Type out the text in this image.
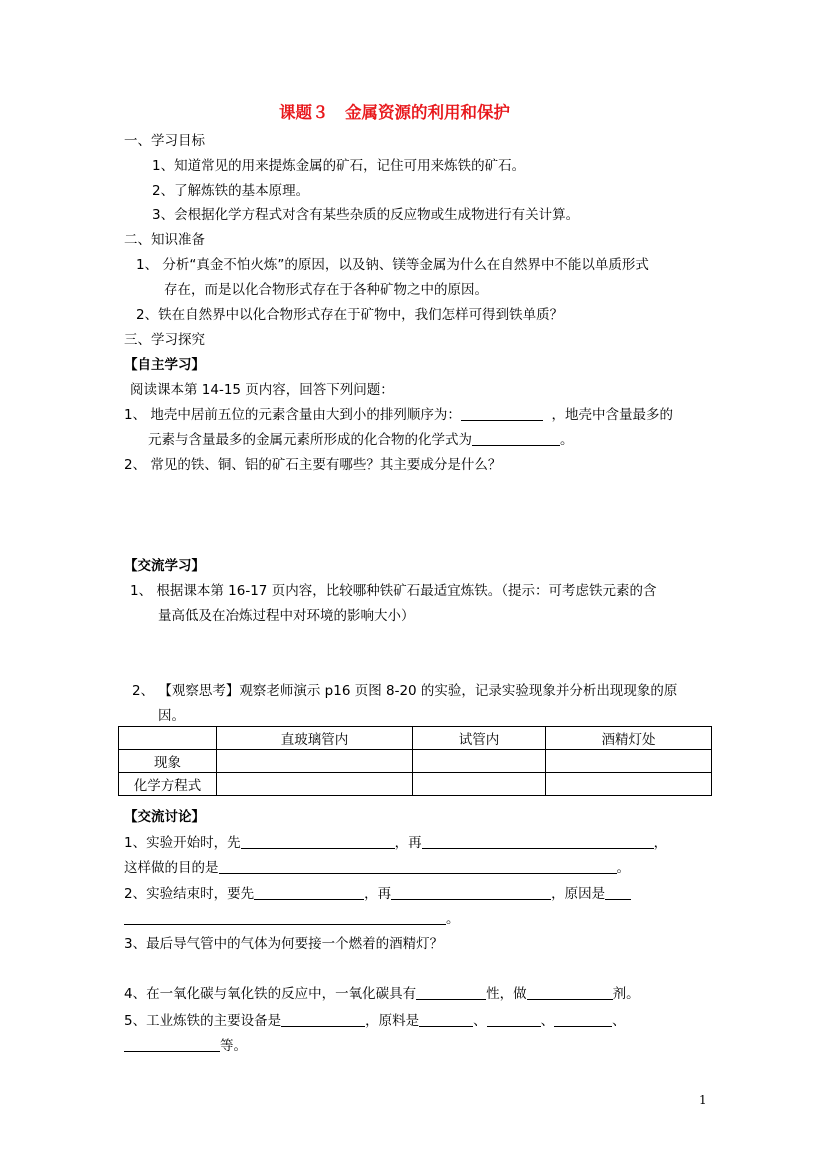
课题３　金属资源的利用和保护
一、学习目标
1、知道常见的用来提炼金属的矿石，记住可用来炼铁的矿石。
2、了解炼铁的基本原理。
3、会根据化学方程式对含有某些杂质的反应物或生成物进行有关计算。
二、知识准备
1、 分析“真金不怕火炼”的原因，以及钠、镁等金属为什么在自然界中不能以单质形式
存在，而是以化合物形式存在于各种矿物之中的原因。
2、铁在自然界中以化合物形式存在于矿物中，我们怎样可得到铁单质？
三、学习探究
【自主学习】
阅读课本第 14-15 页内容，回答下列问题：
1、 地壳中居前五位的元素含量由大到小的排列顺序为：	，地壳中含量最多的
元素与含量最多的金属元素所形成的化合物的化学式为	。
2、 常见的铁、铜、铝的矿石主要有哪些？其主要成分是什么？
【交流学习】
1、 根据课本第 16-17 页内容，比较哪种铁矿石最适宜炼铁。（提示：可考虑铁元素的含
量高低及在冶炼过程中对环境的影响大小）
2、 【观察思考】观察老师演示 p16 页图 8-20 的实验，记录实验现象并分析出现现象的原
因。
	直玻璃管内	试管内	酒精灯处
现象			
化学方程式			
【交流讨论】
1、实验开始时，先	，再	，
这样做的目的是	。
2、实验结束时，要先	，再	，原因是
。
3、最后导气管中的气体为何要接一个燃着的酒精灯？
4、在一氧化碳与氧化铁的反应中，一氧化碳具有	性，做	剂。
5、工业炼铁的主要设备是	，原料是	、	、	、
等。
1
